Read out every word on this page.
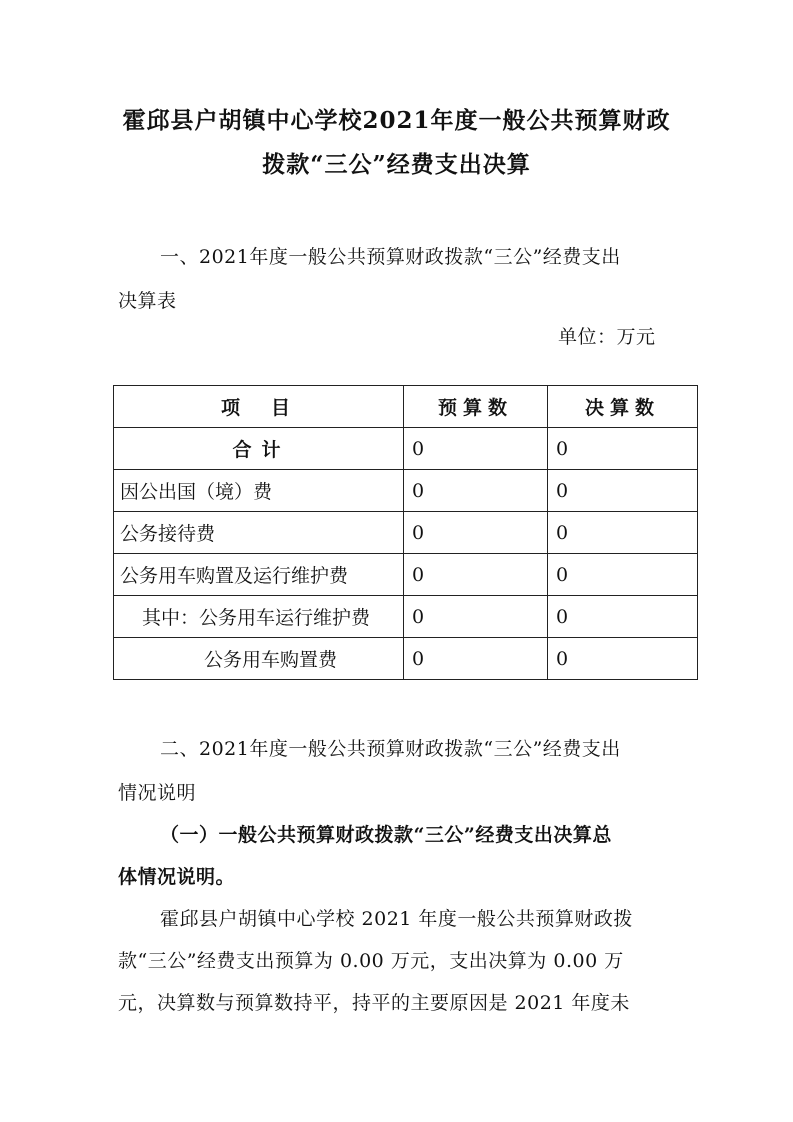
霍邱县户胡镇中心学校2021年度一般公共预算财政
拨款“三公”经费支出决算
一、2021年度一般公共预算财政拨款“三公”经费支出
决算表
单位：万元
项　目	预算数	决算数
合计	0	0
因公出国（境）费	0	0
公务接待费	0	0
公务用车购置及运行维护费	0	0
其中：公务用车运行维护费	0	0
公务用车购置费	0	0
二、2021年度一般公共预算财政拨款“三公”经费支出
情况说明
（一）一般公共预算财政拨款“三公”经费支出决算总
体情况说明。
霍邱县户胡镇中心学校 2021 年度一般公共预算财政拨
款“三公”经费支出预算为 0.00 万元，支出决算为 0.00 万
元，决算数与预算数持平，持平的主要原因是 2021 年度未
